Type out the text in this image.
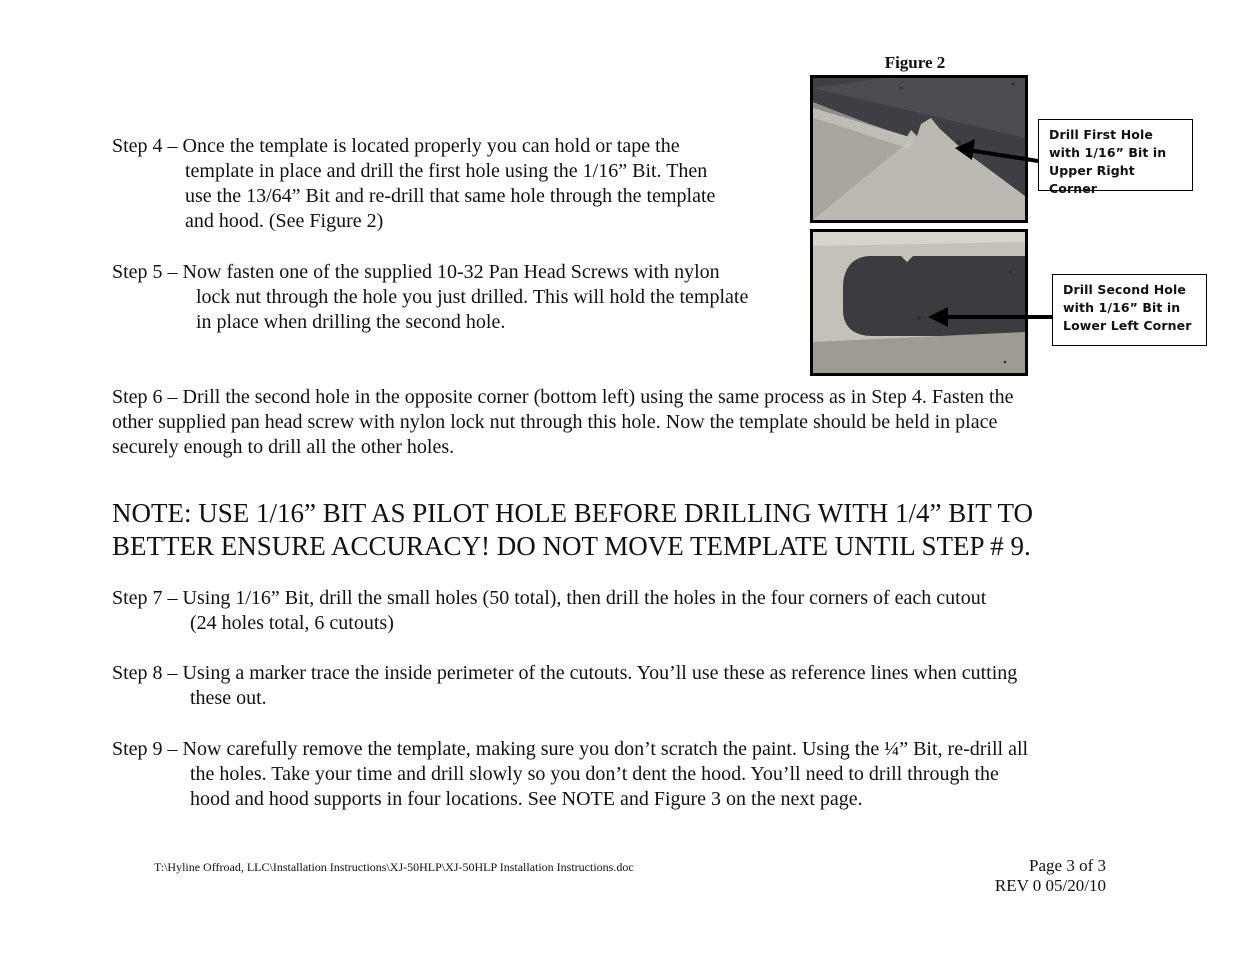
Figure 2
Drill First Hole with 1/16” Bit in Upper Right Corner
Drill Second Hole with 1/16” Bit in Lower Left Corner
Step 4 – Once the template is located properly you can hold or tape the
template in place and drill the first hole using the 1/16” Bit. Then
use the 13/64” Bit and re-drill that same hole through the template
and hood. (See Figure 2)
Step 5 – Now fasten one of the supplied 10-32 Pan Head Screws with nylon
lock nut through the hole you just drilled. This will hold the template
in place when drilling the second hole.
Step 6 – Drill the second hole in the opposite corner (bottom left) using the same process as in Step 4. Fasten the
other supplied pan head screw with nylon lock nut through this hole. Now the template should be held in place
securely enough to drill all the other holes.
NOTE: USE 1/16” BIT AS PILOT HOLE BEFORE DRILLING WITH 1/4” BIT TO
BETTER ENSURE ACCURACY! DO NOT MOVE TEMPLATE UNTIL STEP # 9.
Step 7 – Using 1/16” Bit, drill the small holes (50 total), then drill the holes in the four corners of each cutout
(24 holes total, 6 cutouts)
Step 8 – Using a marker trace the inside perimeter of the cutouts. You’ll use these as reference lines when cutting
these out.
Step 9 – Now carefully remove the template, making sure you don’t scratch the paint. Using the ¼” Bit, re-drill all
the holes. Take your time and drill slowly so you don’t dent the hood. You’ll need to drill through the
hood and hood supports in four locations. See NOTE and Figure 3 on the next page.
T:\Hyline Offroad, LLC\Installation Instructions\XJ-50HLP\XJ-50HLP Installation Instructions.doc	Page 3 of 3
REV 0 05/20/10
